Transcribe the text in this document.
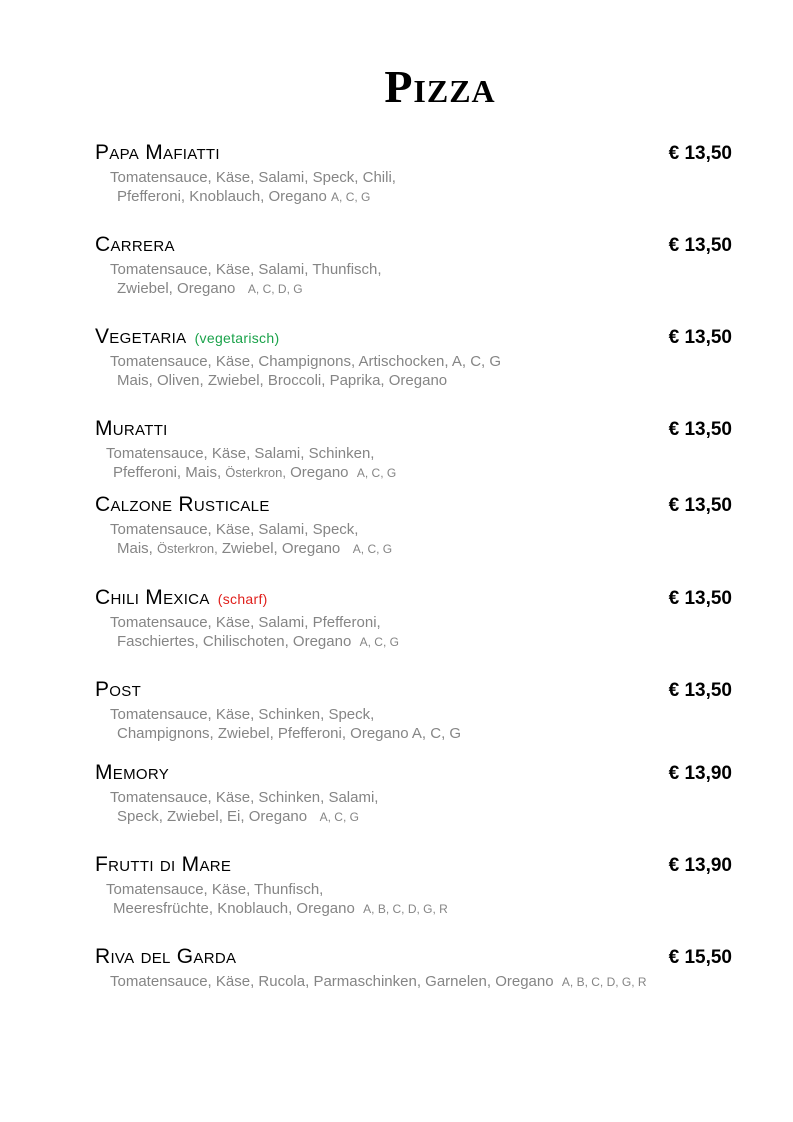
Pizza
Papa Mafiatti	€ 13,50
Tomatensauce, Käse, Salami, Speck, Chili,
Pfefferoni, Knoblauch, Oregano A, C, G
Carrera	€ 13,50
Tomatensauce, Käse, Salami, Thunfisch,
Zwiebel, Oregano A, C, D, G
Vegetaria (vegetarisch)	€ 13,50
Tomatensauce, Käse, Champignons, Artischocken, A, C, G
Mais, Oliven, Zwiebel, Broccoli, Paprika, Oregano
Muratti	€ 13,50
Tomatensauce, Käse, Salami, Schinken,
Pfefferoni, Mais, Österkron, Oregano A, C, G
Calzone Rusticale	€ 13,50
Tomatensauce, Käse, Salami, Speck,
Mais, Österkron, Zwiebel, Oregano A, C, G
Chili Mexica (scharf)	€ 13,50
Tomatensauce, Käse, Salami, Pfefferoni,
Faschiertes, Chilischoten, Oregano A, C, G
Post	€ 13,50
Tomatensauce, Käse, Schinken, Speck,
Champignons, Zwiebel, Pfefferoni, Oregano A, C, G
Memory	€ 13,90
Tomatensauce, Käse, Schinken, Salami,
Speck, Zwiebel, Ei, Oregano A, C, G
Frutti di Mare	€ 13,90
Tomatensauce, Käse, Thunfisch,
Meeresfrüchte, Knoblauch, Oregano A, B, C, D, G, R
Riva del Garda	€ 15,50
Tomatensauce, Käse, Rucola, Parmaschinken, Garnelen, Oregano A, B, C, D, G, R
